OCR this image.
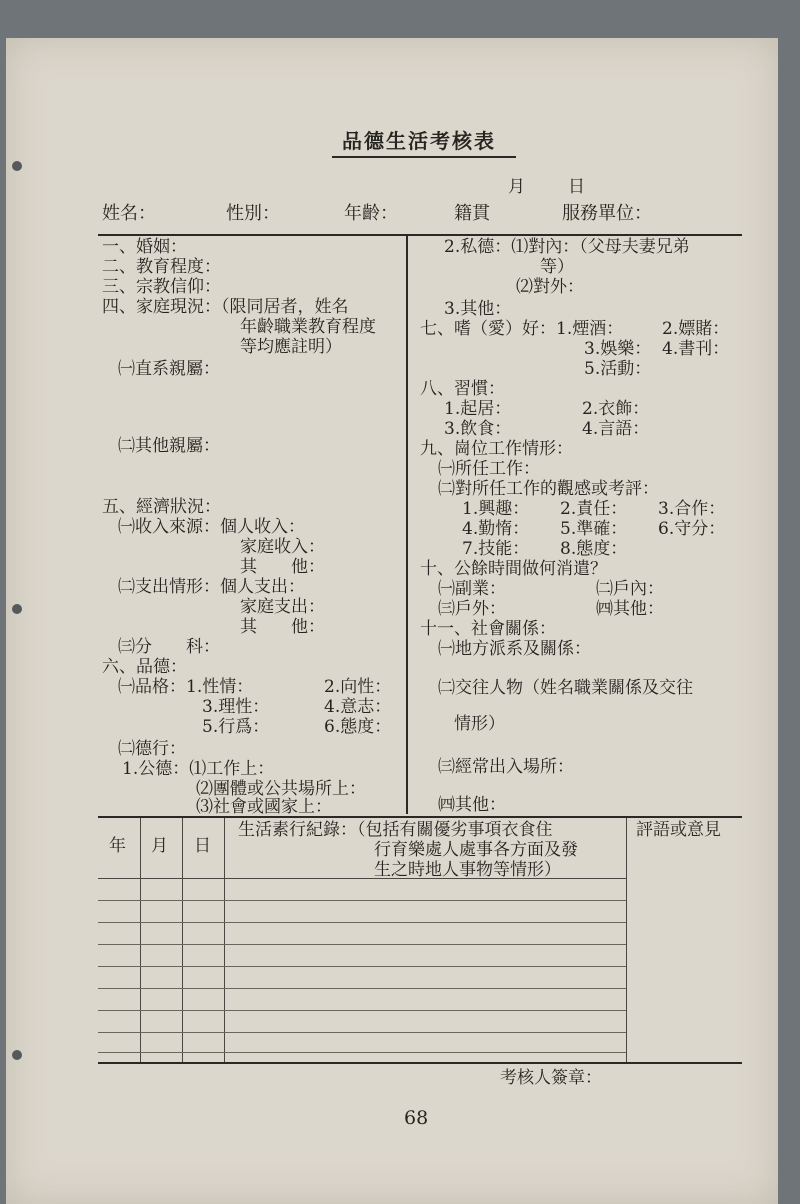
品德生活考核表
月	日
姓名：	性別：	年齡：	籍貫	服務單位：
一、婚姻：
二、教育程度：
三、宗教信仰：
四、家庭現況：（限同居者，姓名
年齡職業教育程度
等均應註明）
㈠直系親屬：
㈡其他親屬：
五、經濟狀況：
㈠收入來源：個人收入：
家庭收入：
其　　他：
㈡支出情形：個人支出：
家庭支出：
其　　他：
㈢分　　科：
六、品德：
㈠品格：1.性情：	2.向性：
3.理性：	4.意志：
5.行爲：	6.態度：
㈡德行：
1.公德：⑴工作上：
⑵團體或公共場所上：
⑶社會或國家上：
2.私德：⑴對內：（父母夫妻兄弟
等）
⑵對外：
3.其他：
七、嗜（愛）好：1.煙酒： 2.嫖賭：
3.娛樂： 4.書刊：
5.活動：
八、習慣：
1.起居：	2.衣飾：
3.飲食：	4.言語：
九、崗位工作情形：
㈠所任工作：
㈡對所任工作的觀感或考評：
1.興趣： 2.責任： 3.合作：
4.勤惰： 5.準確： 6.守分：
7.技能： 8.態度：
十、公餘時間做何消遣？
㈠副業：	㈡戶內：
㈢戶外：	㈣其他：
十一、社會關係：
㈠地方派系及關係：
㈡交往人物（姓名職業關係及交往
情形）
㈢經常出入場所：
㈣其他：
年 月 日
生活素行紀錄：（包括有關優劣事項衣食住
行育樂處人處事各方面及發
生之時地人事物等情形）
評語或意見
考核人簽章：
68
